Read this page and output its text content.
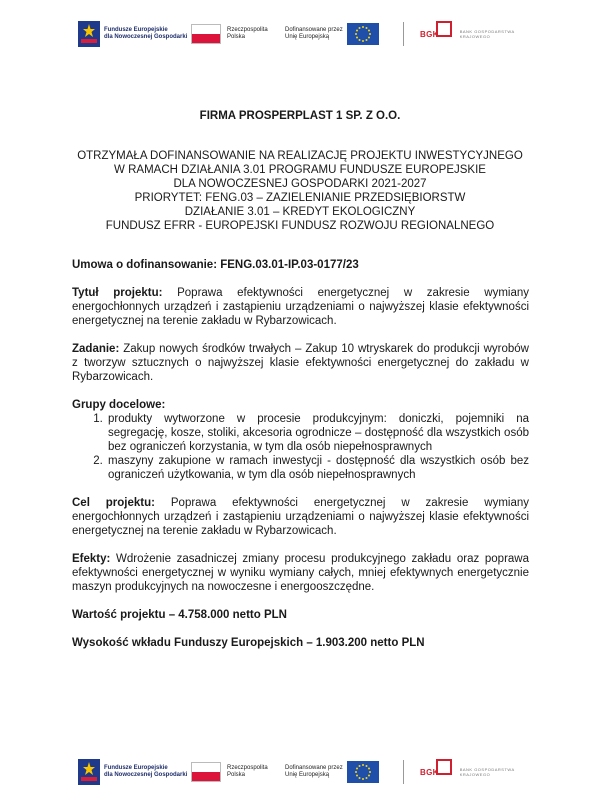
Fundusze Europejskie
dla Nowoczesnej Gospodarki
Rzeczpospolita
Polska
Dofinansowane przez
Unię Europejską	BGK	BANK GOSPODARSTWA
KRAJOWEGO
FIRMA PROSPERPLAST 1 SP. Z O.O.
OTRZYMAŁA DOFINANSOWANIE NA REALIZACJĘ PROJEKTU INWESTYCYJNEGO
W RAMACH DZIAŁANIA 3.01 PROGRAMU FUNDUSZE EUROPEJSKIE
DLA NOWOCZESNEJ GOSPODARKI 2021-2027
PRIORYTET: FENG.03 – ZAZIELENIANIE PRZEDSIĘBIORSTW
DZIAŁANIE 3.01 – KREDYT EKOLOGICZNY
FUNDUSZ EFRR - EUROPEJSKI FUNDUSZ ROZWOJU REGIONALNEGO

Umowa o dofinansowanie: FENG.03.01-IP.03-0177/23

Tytuł projektu: Poprawa efektywności energetycznej w zakresie wymiany energochłonnych urządzeń i zastąpieniu urządzeniami o najwyższej klasie efektywności energetycznej na terenie zakładu w Rybarzowicach.

Zadanie: Zakup nowych środków trwałych – Zakup 10 wtryskarek do produkcji wyrobów z tworzyw sztucznych o najwyższej klasie efektywności energetycznej do zakładu w Rybarzowicach.

Grupy docelowe:

1. produkty wytworzone w procesie produkcyjnym: doniczki, pojemniki na segregację, kosze, stoliki, akcesoria ogrodnicze – dostępność dla wszystkich osób bez ograniczeń korzystania, w tym dla osób niepełnosprawnych
2. maszyny zakupione w ramach inwestycji - dostępność dla wszystkich osób bez ograniczeń użytkowania, w tym dla osób niepełnosprawnych

Cel projektu: Poprawa efektywności energetycznej w zakresie wymiany energochłonnych urządzeń i zastąpieniu urządzeniami o najwyższej klasie efektywności energetycznej na terenie zakładu w Rybarzowicach.

Efekty: Wdrożenie zasadniczej zmiany procesu produkcyjnego zakładu oraz poprawa efektywności energetycznej w wyniku wymiany całych, mniej efektywnych energetycznie maszyn produkcyjnych na nowoczesne i energooszczędne.

Wartość projektu – 4.758.000 netto PLN

Wysokość wkładu Funduszy Europejskich – 1.903.200 netto PLN

Fundusze Europejskie
dla Nowoczesnej Gospodarki
Rzeczpospolita
Polska
Dofinansowane przez
Unię Europejską	BGK	BANK GOSPODARSTWA
KRAJOWEGO
